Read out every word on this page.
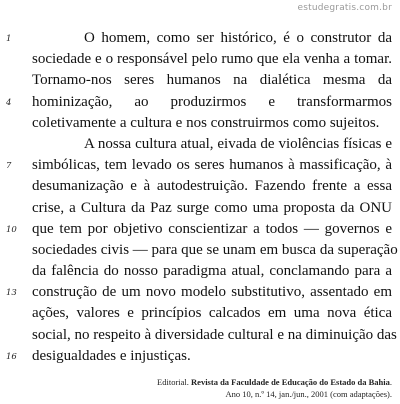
estudegratis.com.br
1	O homem, como ser histórico, é o construtor da
sociedade e o responsável pelo rumo que ela venha a tomar.
Tornamo-nos seres humanos na dialética mesma da
4 hominização, ao produzirmos e transformarmos
coletivamente a cultura e nos construirmos como sujeitos.
A nossa cultura atual, eivada de violências físicas e
7 simbólicas, tem levado os seres humanos à massificação, à
desumanização e à autodestruição. Fazendo frente a essa
crise, a Cultura da Paz surge como uma proposta da ONU
10 que tem por objetivo conscientizar a todos — governos e
sociedades civis — para que se unam em busca da superação
da falência do nosso paradigma atual, conclamando para a
13 construção de um novo modelo substitutivo, assentado em
ações, valores e princípios calcados em uma nova ética
social, no respeito à diversidade cultural e na diminuição das
16 desigualdades e injustiças.
Editorial. Revista da Faculdade de Educação do Estado da Bahia. Ano 10, n.º 14, jan./jun., 2001 (com adaptações).
